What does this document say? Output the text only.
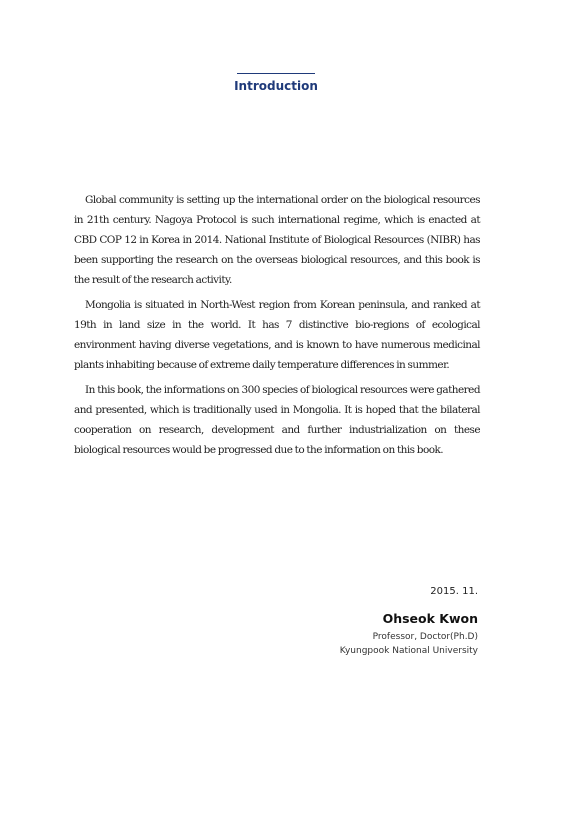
Introduction

Global community is setting up the international order on the biological resources in 21th century. Nagoya Protocol is such international regime, which is enacted at CBD COP 12 in Korea in 2014. National Institute of Biological Resources (NIBR) has been supporting the research on the overseas biological resources, and this book is the result of the research activity.

Mongolia is situated in North-West region from Korean peninsula, and ranked at 19th in land size in the world. It has 7 distinctive bio-regions of ecological environment having diverse vegetations, and is known to have numerous medicinal plants inhabiting because of extreme daily temperature differences in summer.

In this book, the informations on 300 species of biological resources were gathered and presented, which is traditionally used in Mongolia. It is hoped that the bilateral cooperation on research, development and further industrialization on these biological resources would be progressed due to the information on this book.

2015. 11.
Ohseok Kwon
Professor, Doctor(Ph.D)
Kyungpook National University
